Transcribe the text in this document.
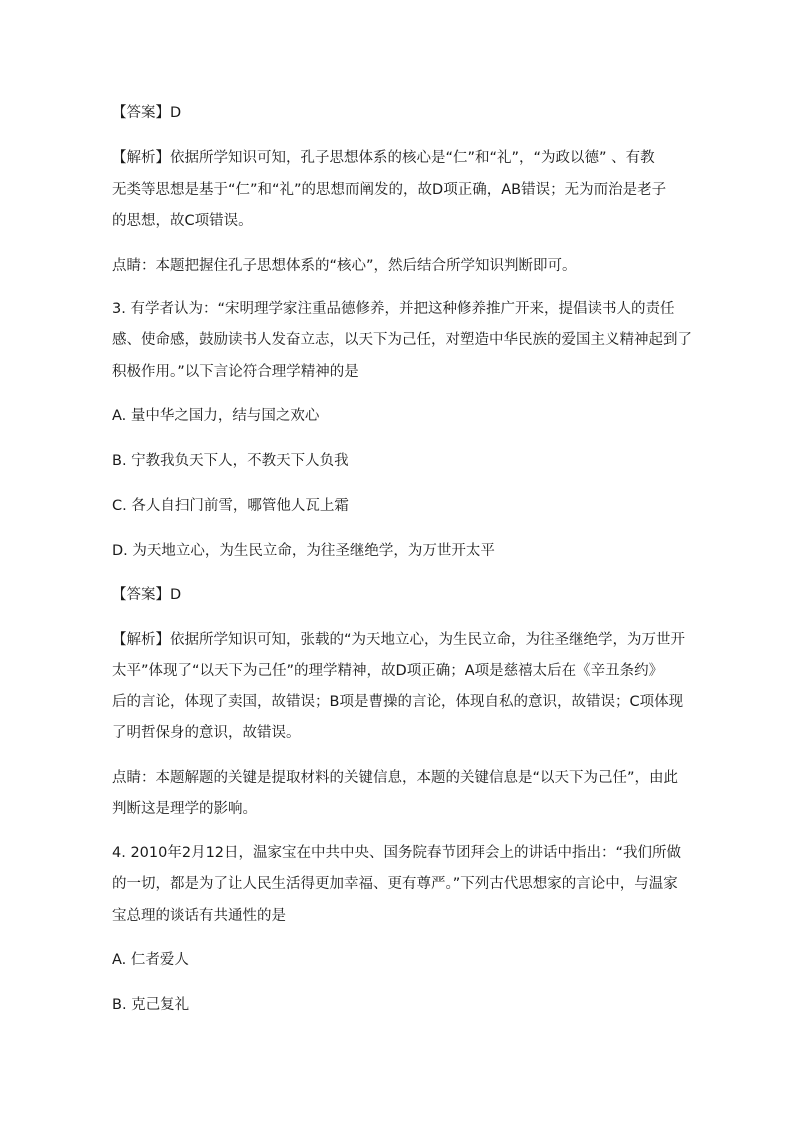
【答案】D
【解析】依据所学知识可知，孔子思想体系的核心是“仁”和“礼”，“为政以德” 、有教
无类等思想是基于“仁”和“礼”的思想而阐发的，故D项正确，AB错误；无为而治是老子
的思想，故C项错误。
点睛：本题把握住孔子思想体系的“核心”，然后结合所学知识判断即可。
3. 有学者认为：“宋明理学家注重品德修养，并把这种修养推广开来，提倡读书人的责任
感、使命感，鼓励读书人发奋立志，以天下为己任，对塑造中华民族的爱国主义精神起到了
积极作用。”以下言论符合理学精神的是
A. 量中华之国力，结与国之欢心
B. 宁教我负天下人，不教天下人负我
C. 各人自扫门前雪，哪管他人瓦上霜
D. 为天地立心，为生民立命，为往圣继绝学，为万世开太平
【答案】D
【解析】依据所学知识可知，张载的“为天地立心，为生民立命，为往圣继绝学，为万世开
太平”体现了“以天下为己任”的理学精神，故D项正确；A项是慈禧太后在《辛丑条约》
后的言论，体现了卖国，故错误；B项是曹操的言论，体现自私的意识，故错误；C项体现
了明哲保身的意识，故错误。
点睛：本题解题的关键是提取材料的关键信息，本题的关键信息是“以天下为己任”，由此
判断这是理学的影响。
4. 2010年2月12日，温家宝在中共中央、国务院春节团拜会上的讲话中指出：“我们所做
的一切，都是为了让人民生活得更加幸福、更有尊严。”下列古代思想家的言论中，与温家
宝总理的谈话有共通性的是
A. 仁者爱人
B. 克己复礼
